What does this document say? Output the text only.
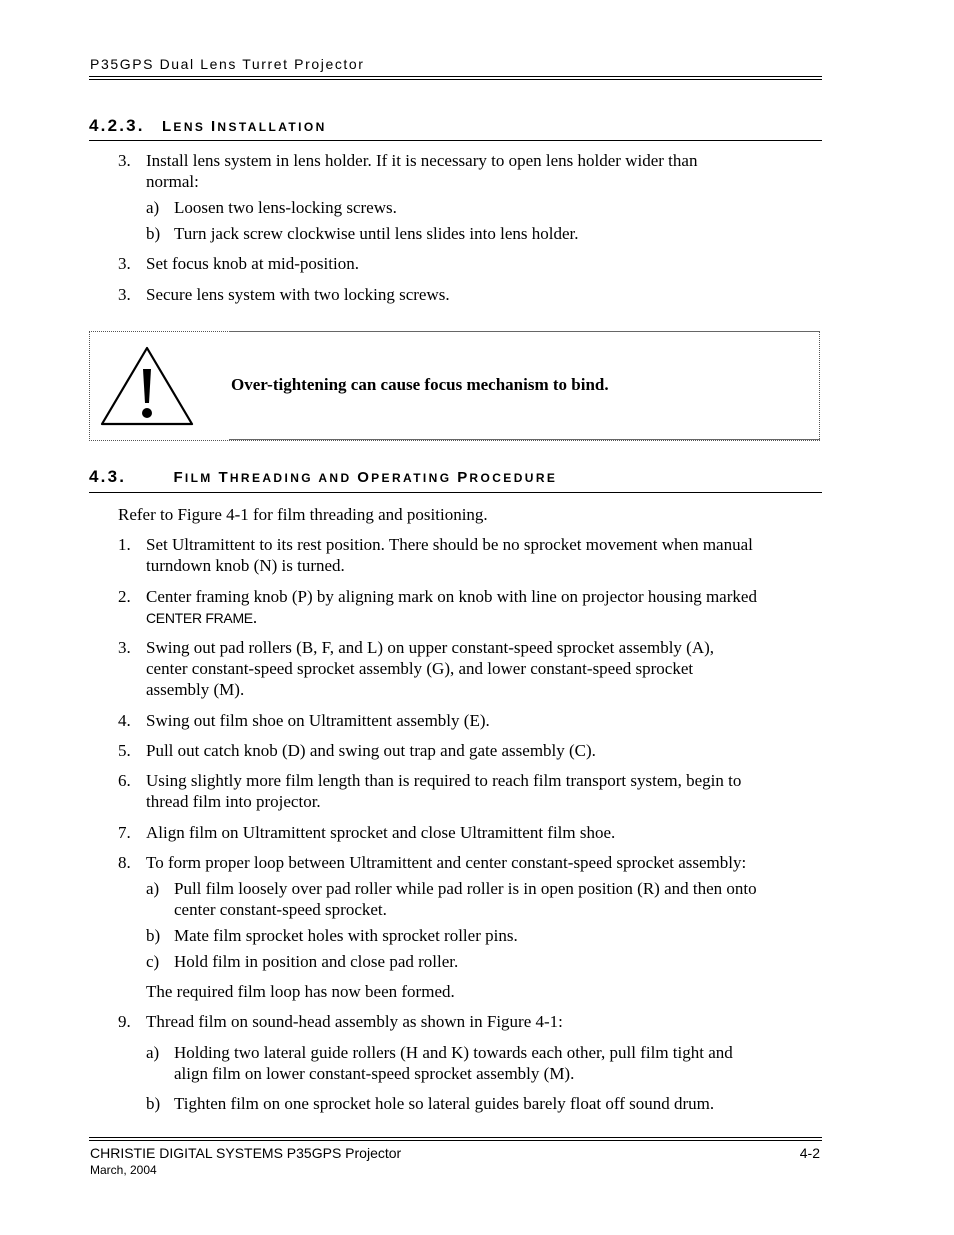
P35GPS Dual Lens Turret Projector
4.2.3. LENS INSTALLATION
3. Install lens system in lens holder. If it is necessary to open lens holder wider than
normal:
a) Loosen two lens-locking screws.
b) Turn jack screw clockwise until lens slides into lens holder.
3. Set focus knob at mid-position.
3. Secure lens system with two locking screws.
Over-tightening can cause focus mechanism to bind.
4.3.	FILM THREADING AND OPERATING PROCEDURE
Refer to Figure 4-1 for film threading and positioning.
1. Set Ultramittent to its rest position. There should be no sprocket movement when manual
turndown knob (N) is turned.
2. Center framing knob (P) by aligning mark on knob with line on projector housing marked
CENTER FRAME.
3. Swing out pad rollers (B, F, and L) on upper constant-speed sprocket assembly (A),
center constant-speed sprocket assembly (G), and lower constant-speed sprocket
assembly (M).
4. Swing out film shoe on Ultramittent assembly (E).
5. Pull out catch knob (D) and swing out trap and gate assembly (C).
6. Using slightly more film length than is required to reach film transport system, begin to
thread film into projector.
7. Align film on Ultramittent sprocket and close Ultramittent film shoe.
8. To form proper loop between Ultramittent and center constant-speed sprocket assembly:
a) Pull film loosely over pad roller while pad roller is in open position (R) and then onto
center constant-speed sprocket.
b) Mate film sprocket holes with sprocket roller pins.
c) Hold film in position and close pad roller.
The required film loop has now been formed.
9. Thread film on sound-head assembly as shown in Figure 4-1:
a) Holding two lateral guide rollers (H and K) towards each other, pull film tight and
align film on lower constant-speed sprocket assembly (M).
b) Tighten film on one sprocket hole so lateral guides barely float off sound drum.
CHRISTIE DIGITAL SYSTEMS P35GPS Projector
March, 2004
4-2
